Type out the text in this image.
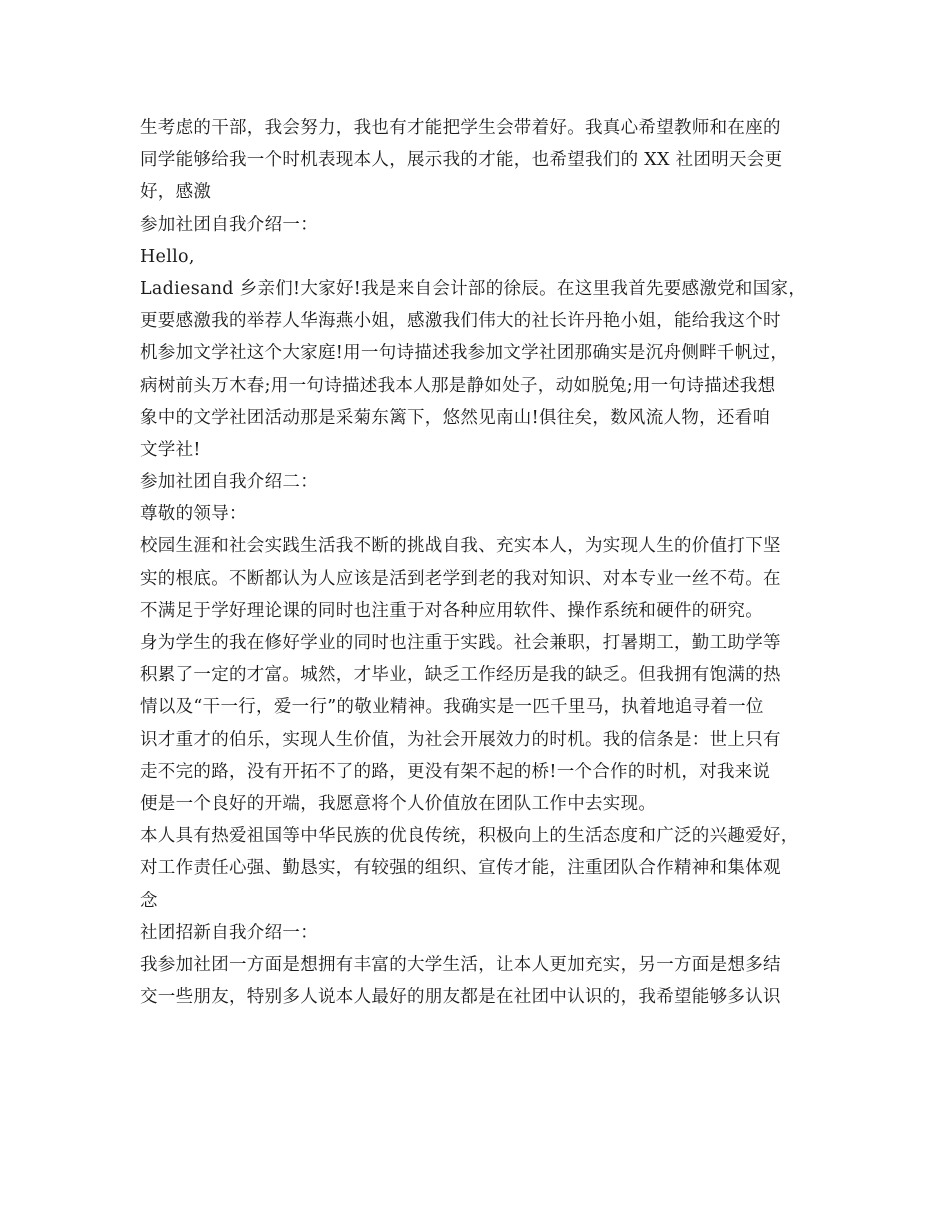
生考虑的干部，我会努力，我也有才能把学生会带着好。我真心希望教师和在座的
同学能够给我一个时机表现本人，展示我的才能，也希望我们的 XX 社团明天会更
好，感激
参加社团自我介绍一：
Hello,
Ladiesand 乡亲们!大家好!我是来自会计部的徐辰。在这里我首先要感激党和国家，
更要感激我的举荐人华海燕小姐，感激我们伟大的社长许丹艳小姐，能给我这个时
机参加文学社这个大家庭!用一句诗描述我参加文学社团那确实是沉舟侧畔千帆过，
病树前头万木春;用一句诗描述我本人那是静如处子，动如脱兔;用一句诗描述我想
象中的文学社团活动那是采菊东篱下，悠然见南山!俱往矣，数风流人物，还看咱
文学社!
参加社团自我介绍二：
尊敬的领导：
校园生涯和社会实践生活我不断的挑战自我、充实本人，为实现人生的价值打下坚
实的根底。不断都认为人应该是活到老学到老的我对知识、对本专业一丝不苟。在
不满足于学好理论课的同时也注重于对各种应用软件、操作系统和硬件的研究。
身为学生的我在修好学业的同时也注重于实践。社会兼职，打暑期工，勤工助学等
积累了一定的才富。城然，才毕业，缺乏工作经历是我的缺乏。但我拥有饱满的热
情以及“干一行，爱一行”的敬业精神。我确实是一匹千里马，执着地追寻着一位
识才重才的伯乐，实现人生价值，为社会开展效力的时机。我的信条是：世上只有
走不完的路，没有开拓不了的路，更没有架不起的桥!一个合作的时机，对我来说
便是一个良好的开端，我愿意将个人价值放在团队工作中去实现。
本人具有热爱祖国等中华民族的优良传统，积极向上的生活态度和广泛的兴趣爱好，
对工作责任心强、勤恳实，有较强的组织、宣传才能，注重团队合作精神和集体观
念
社团招新自我介绍一：
我参加社团一方面是想拥有丰富的大学生活，让本人更加充实，另一方面是想多结
交一些朋友，特别多人说本人最好的朋友都是在社团中认识的，我希望能够多认识
